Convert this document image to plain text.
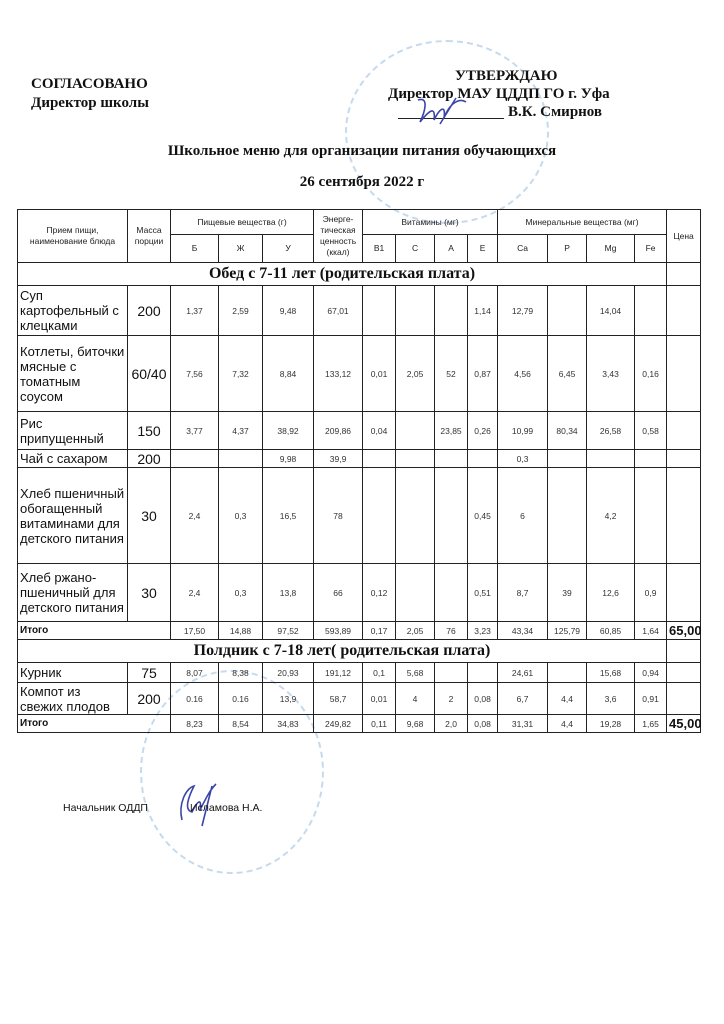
СОГЛАСОВАНО
Директор школы
УТВЕРЖДАЮ
Директор МАУ ЦДДП ГО г. Уфа
В.К. Смирнов
Школьное меню для организации питания обучающихся
26 сентября 2022 г
Прием пищи, наименование блюда	Масса порции	Пищевые вещества (г)			Энерге-тическая ценность (ккал)	Витамины (мг)				Минеральные вещества (мг)				Цена
		Б	Ж	У		B1	C	A	E	Ca	P	Mg	Fe	
Обед с 7-11 лет (родительская плата)														
Суп картофельный с клецками	200	1,37	2,59	9,48	67,01				1,14	12,79		14,04		
Котлеты, биточки мясные с томатным соусом	60/40	7,56	7,32	8,84	133,12	0,01	2,05	52	0,87	4,56	6,45	3,43	0,16	
Рис припущенный	150	3,77	4,37	38,92	209,86	0,04		23,85	0,26	10,99	80,34	26,58	0,58	
Чай с сахаром	200			9,98	39,9					0,3				
Хлеб пшеничный обогащенный витаминами для детского питания	30	2,4	0,3	16,5	78				0,45	6		4,2		
Хлеб ржано-пшеничный для детского питания	30	2,4	0,3	13,8	66	0,12			0,51	8,7	39	12,6	0,9	
Итого		17,50	14,88	97,52	593,89	0,17	2,05	76	3,23	43,34	125,79	60,85	1,64	65,00
Полдник с 7-18 лет( родительская плата)														
Курник	75	8,07	8,38	20,93	191,12	0,1	5,68			24,61		15,68	0,94	
Компот из свежих плодов	200	0.16	0.16	13,9	58,7	0,01	4	2	0,08	6,7	4,4	3,6	0,91	
Итого		8,23	8,54	34,83	249,82	0,11	9,68	2,0	0,08	31,31	4,4	19,28	1,65	45,00
Начальник ОДДП	Исламова Н.А.
